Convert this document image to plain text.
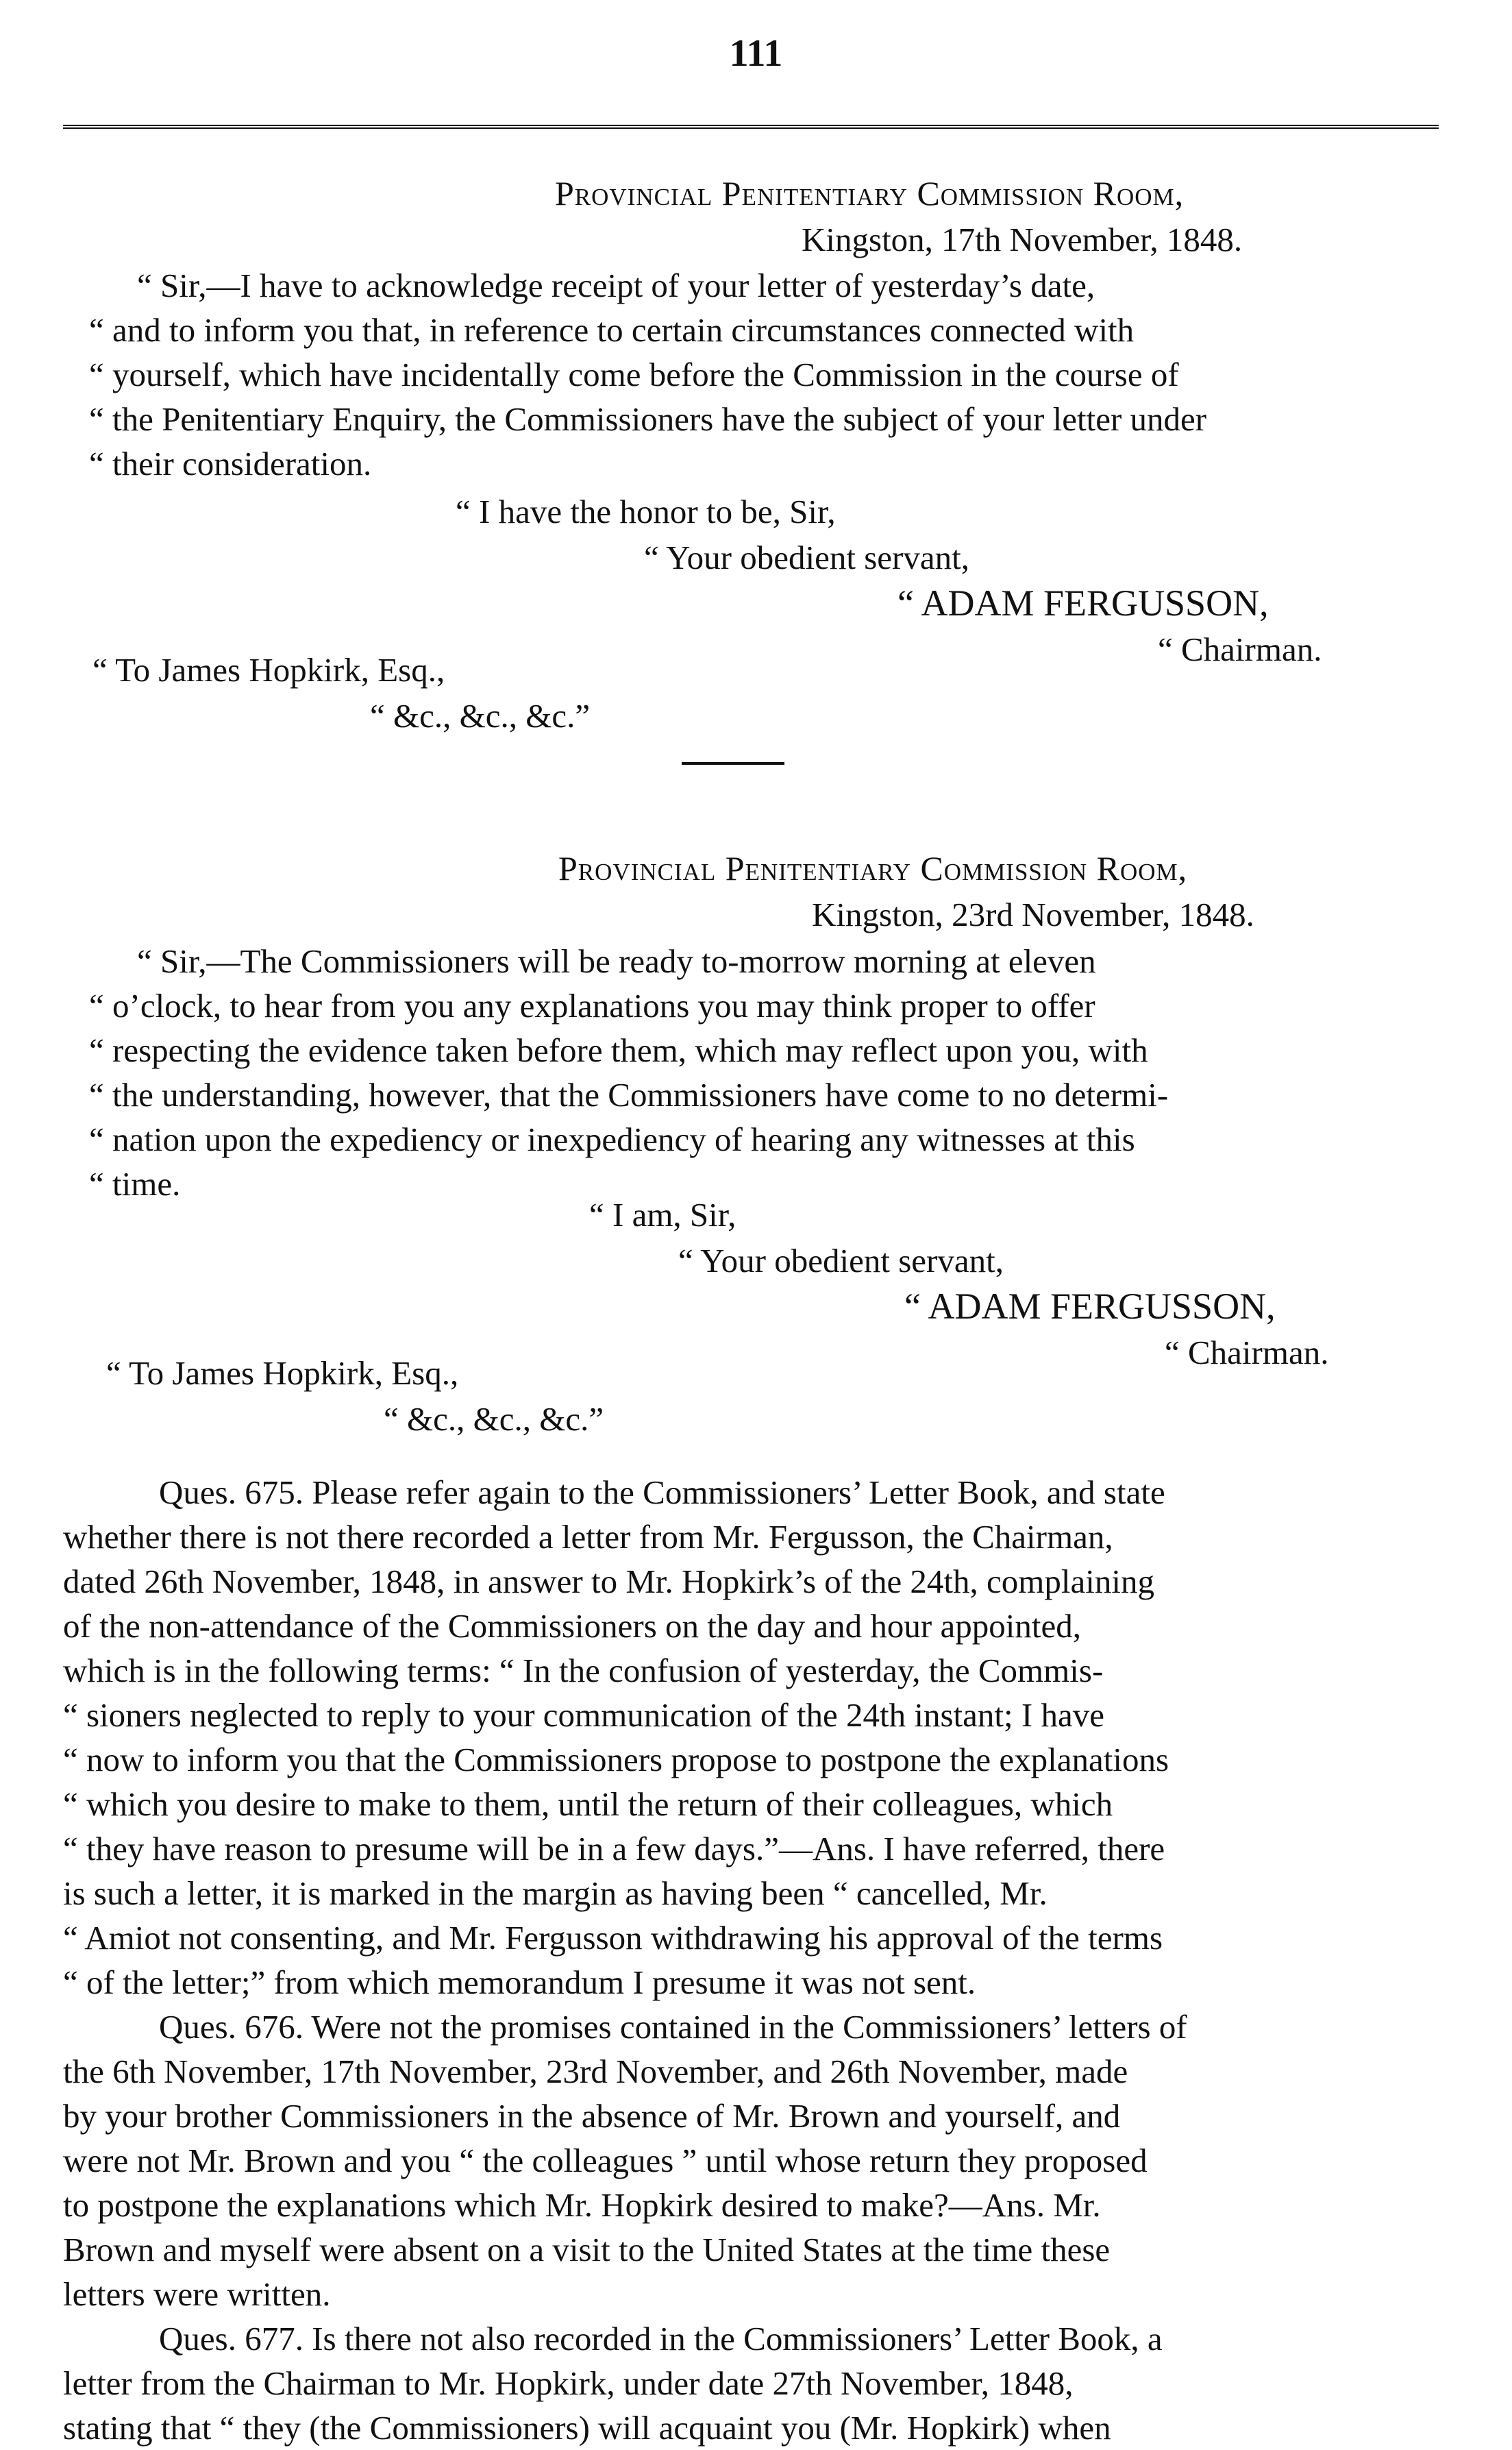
111
Provincial Penitentiary Commission Room,
Kingston, 17th November, 1848.
“ Sir,—I have to acknowledge receipt of your letter of yesterday’s date,
“ and to inform you that, in reference to certain circumstances connected with
“ yourself, which have incidentally come before the Commission in the course of
“ the Penitentiary Enquiry, the Commissioners have the subject of your letter under
“ their consideration.
“ I have the honor to be, Sir,
“ Your obedient servant,
“ ADAM FERGUSSON,
“ Chairman.
“ To James Hopkirk, Esq.,
“ &c., &c., &c.”
Provincial Penitentiary Commission Room,
Kingston, 23rd November, 1848.
“ Sir,—The Commissioners will be ready to-morrow morning at eleven
“ o’clock, to hear from you any explanations you may think proper to offer
“ respecting the evidence taken before them, which may reflect upon you, with
“ the understanding, however, that the Commissioners have come to no determi-
“ nation upon the expediency or inexpediency of hearing any witnesses at this
“ time.
“ I am, Sir,
“ Your obedient servant,
“ ADAM FERGUSSON,
“ Chairman.
“ To James Hopkirk, Esq.,
“ &c., &c., &c.”
Ques. 675. Please refer again to the Commissioners’ Letter Book, and state
whether there is not there recorded a letter from Mr. Fergusson, the Chairman,
dated 26th November, 1848, in answer to Mr. Hopkirk’s of the 24th, complaining
of the non-attendance of the Commissioners on the day and hour appointed,
which is in the following terms: “ In the confusion of yesterday, the Commis-
“ sioners neglected to reply to your communication of the 24th instant; I have
“ now to inform you that the Commissioners propose to postpone the explanations
“ which you desire to make to them, until the return of their colleagues, which
“ they have reason to presume will be in a few days.”—Ans. I have referred, there
is such a letter, it is marked in the margin as having been “ cancelled, Mr.
“ Amiot not consenting, and Mr. Fergusson withdrawing his approval of the terms
“ of the letter;” from which memorandum I presume it was not sent.
Ques. 676. Were not the promises contained in the Commissioners’ letters of
the 6th November, 17th November, 23rd November, and 26th November, made
by your brother Commissioners in the absence of Mr. Brown and yourself, and
were not Mr. Brown and you “ the colleagues ” until whose return they proposed
to postpone the explanations which Mr. Hopkirk desired to make?—Ans. Mr.
Brown and myself were absent on a visit to the United States at the time these
letters were written.
Ques. 677. Is there not also recorded in the Commissioners’ Letter Book, a
letter from the Chairman to Mr. Hopkirk, under date 27th November, 1848,
stating that “ they (the Commissioners) will acquaint you (Mr. Hopkirk) when
